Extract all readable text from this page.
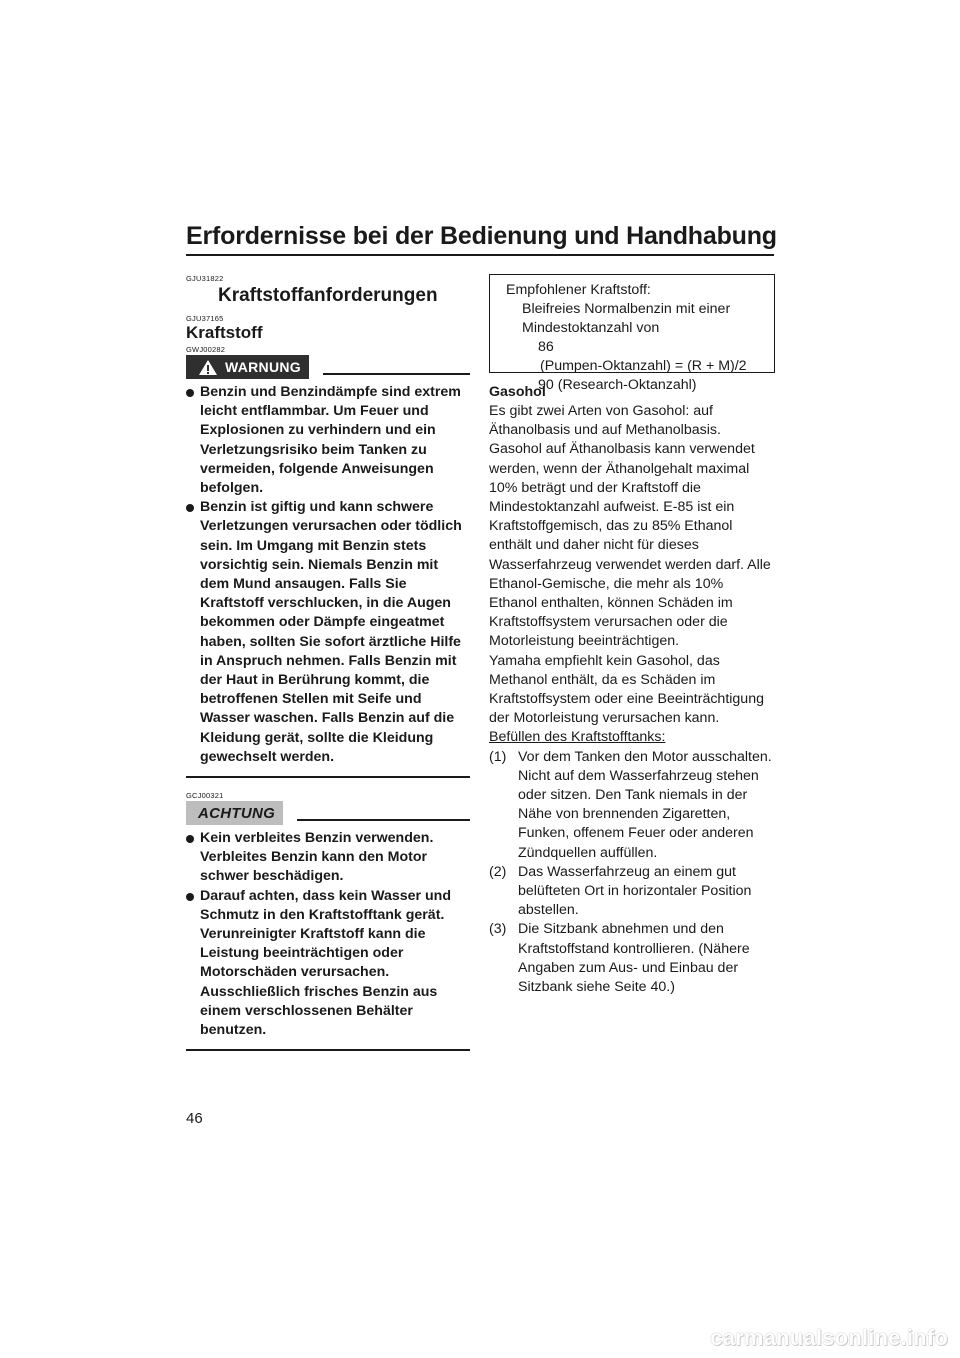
Erfordernisse bei der Bedienung und Handhabung
GJU31822
Kraftstoffanforderungen
GJU37165
Kraftstoff
GWJ00282
WARNUNG
Benzin und Benzindämpfe sind extrem leicht entflammbar. Um Feuer und Explosionen zu verhindern und ein Verletzungsrisiko beim Tanken zu vermeiden, folgende Anweisungen befolgen.
Benzin ist giftig und kann schwere Verletzungen verursachen oder tödlich sein. Im Umgang mit Benzin stets vorsichtig sein. Niemals Benzin mit dem Mund ansaugen. Falls Sie Kraftstoff verschlucken, in die Augen bekommen oder Dämpfe eingeatmet haben, sollten Sie sofort ärztliche Hilfe in Anspruch nehmen. Falls Benzin mit der Haut in Berührung kommt, die betroffenen Stellen mit Seife und Wasser waschen. Falls Benzin auf die Kleidung gerät, sollte die Kleidung gewechselt werden.
GCJ00321
ACHTUNG
Kein verbleites Benzin verwenden. Verbleites Benzin kann den Motor schwer beschädigen.
Darauf achten, dass kein Wasser und Schmutz in den Kraftstofftank gerät. Verunreinigter Kraftstoff kann die Leistung beeinträchtigen oder Motorschäden verursachen. Ausschließlich frisches Benzin aus einem verschlossenen Behälter benutzen.
Empfohlener Kraftstoff:
Bleifreies Normalbenzin mit einer
Mindestoktanzahl von
86
(Pumpen-Oktanzahl) = (R + M)/2
90 (Research-Oktanzahl)
Gasohol
Es gibt zwei Arten von Gasohol: auf Äthanolbasis und auf Methanolbasis.
Gasohol auf Äthanolbasis kann verwendet werden, wenn der Äthanolgehalt maximal 10% beträgt und der Kraftstoff die Mindestoktanzahl aufweist. E-85 ist ein Kraftstoffgemisch, das zu 85% Ethanol enthält und daher nicht für dieses Wasserfahrzeug verwendet werden darf. Alle Ethanol-Gemische, die mehr als 10% Ethanol enthalten, können Schäden im Kraftstoffsystem verursachen oder die Motorleistung beeinträchtigen.
Yamaha empfiehlt kein Gasohol, das Methanol enthält, da es Schäden im Kraftstoffsystem oder eine Beeinträchtigung der Motorleistung verursachen kann.
Befüllen des Kraftstofftanks:
(1) Vor dem Tanken den Motor ausschalten. Nicht auf dem Wasserfahrzeug stehen oder sitzen. Den Tank niemals in der Nähe von brennenden Zigaretten, Funken, offenem Feuer oder anderen Zündquellen auffüllen.
(2) Das Wasserfahrzeug an einem gut belüfteten Ort in horizontaler Position abstellen.
(3) Die Sitzbank abnehmen und den Kraftstoffstand kontrollieren. (Nähere Angaben zum Aus- und Einbau der Sitzbank siehe Seite 40.)
46
carmanualsonline.info
